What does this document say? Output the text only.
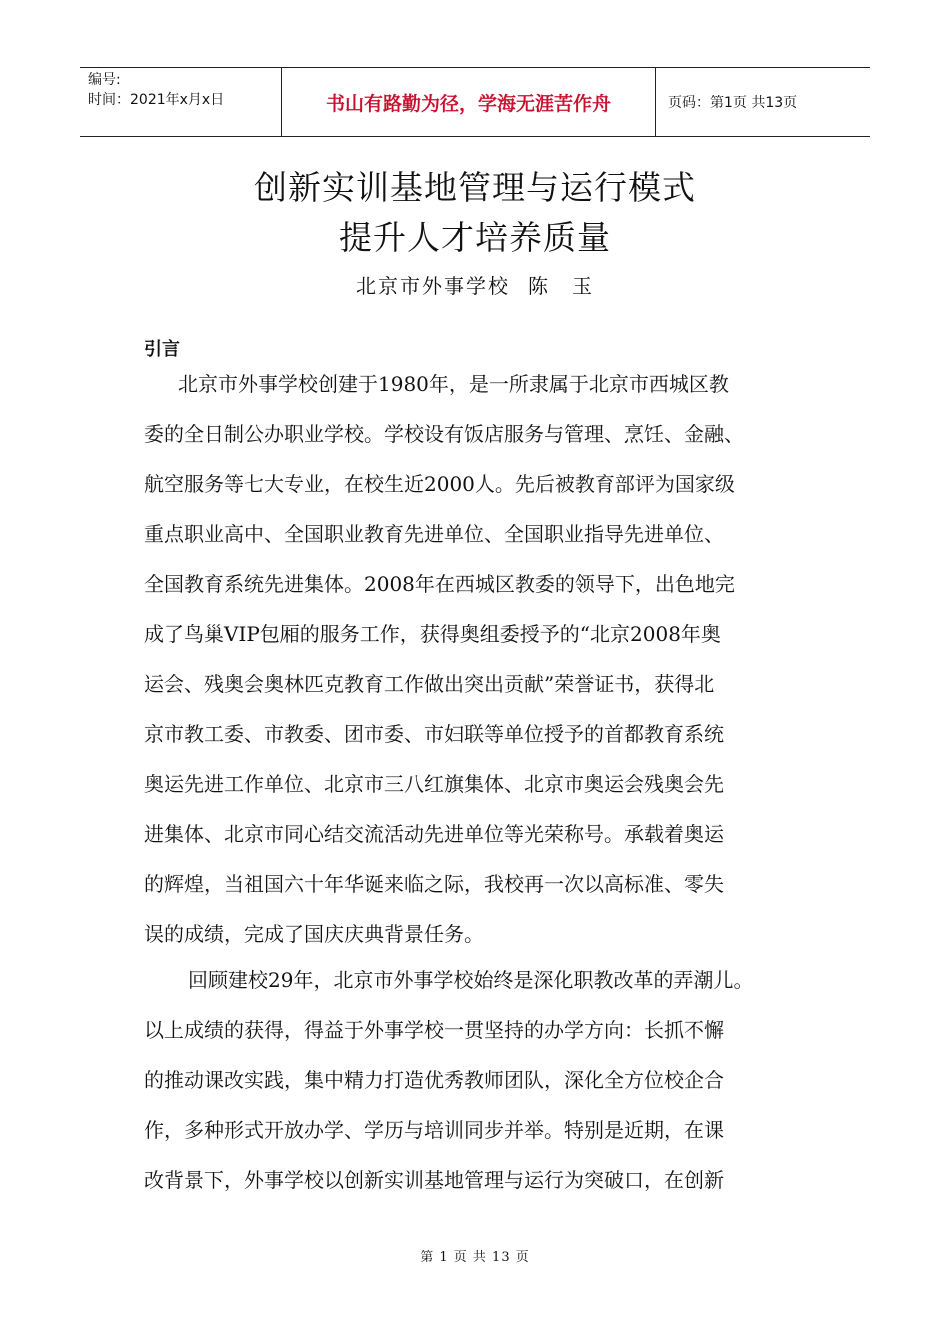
编号:
时间：2021年x月x日	书山有路勤为径，学海无涯苦作舟	页码：第1页 共13页
创新实训基地管理与运行模式
提升人才培养质量
北京市外事学校 陈　玉
引言
北京市外事学校创建于1980年，是一所隶属于北京市西城区教
委的全日制公办职业学校。学校设有饭店服务与管理、烹饪、金融、
航空服务等七大专业，在校生近2000人。先后被教育部评为国家级
重点职业高中、全国职业教育先进单位、全国职业指导先进单位、
全国教育系统先进集体。2008年在西城区教委的领导下，出色地完
成了鸟巢VIP包厢的服务工作，获得奥组委授予的“北京2008年奥
运会、残奥会奥林匹克教育工作做出突出贡献”荣誉证书，获得北
京市教工委、市教委、团市委、市妇联等单位授予的首都教育系统
奥运先进工作单位、北京市三八红旗集体、北京市奥运会残奥会先
进集体、北京市同心结交流活动先进单位等光荣称号。承载着奥运
的辉煌，当祖国六十年华诞来临之际，我校再一次以高标准、零失
误的成绩，完成了国庆庆典背景任务。
回顾建校29年，北京市外事学校始终是深化职教改革的弄潮儿。
以上成绩的获得，得益于外事学校一贯坚持的办学方向：长抓不懈
的推动课改实践，集中精力打造优秀教师团队，深化全方位校企合
作，多种形式开放办学、学历与培训同步并举。特别是近期，在课
改背景下，外事学校以创新实训基地管理与运行为突破口，在创新
第 1 页 共 13 页
